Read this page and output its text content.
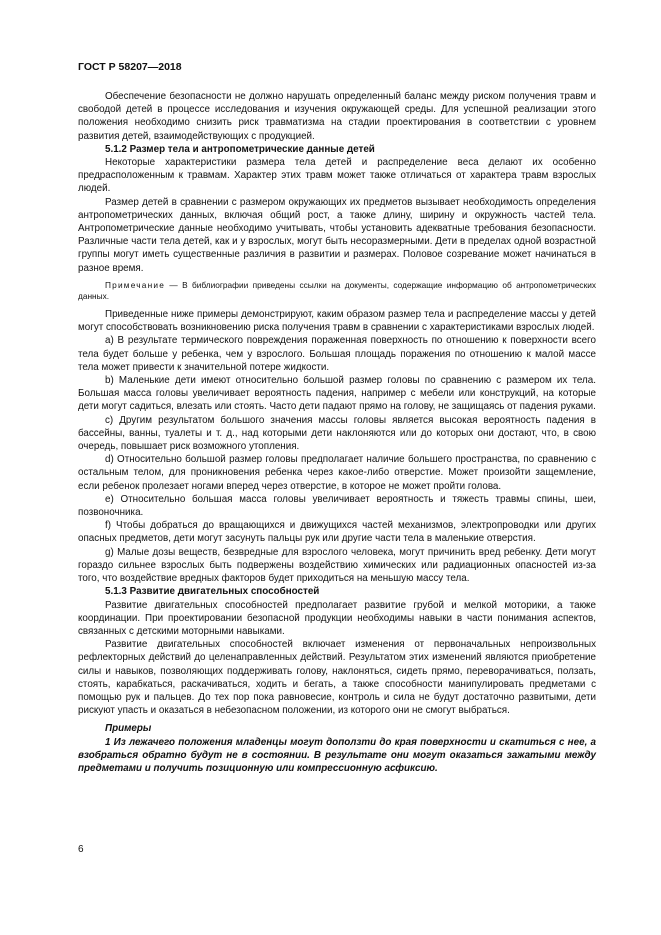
ГОСТ Р 58207—2018

Обеспечение безопасности не должно нарушать определенный баланс между риском получения травм и свободой детей в процессе исследования и изучения окружающей среды. Для успешной реализации этого положения необходимо снизить риск травматизма на стадии проектирования в соответствии с уровнем развития детей, взаимодействующих с продукцией.

5.1.2 Размер тела и антропометрические данные детей

Некоторые характеристики размера тела детей и распределение веса делают их особенно предрасположенным к травмам. Характер этих травм может также отличаться от характера травм взрослых людей.

Размер детей в сравнении с размером окружающих их предметов вызывает необходимость определения антропометрических данных, включая общий рост, а также длину, ширину и окружность частей тела. Антропометрические данные необходимо учитывать, чтобы установить адекватные требования безопасности. Различные части тела детей, как и у взрослых, могут быть несоразмерными. Дети в пределах одной возрастной группы могут иметь существенные различия в развитии и размерах. Половое созревание может начинаться в разное время.

Примечание — В библиографии приведены ссылки на документы, содержащие информацию об антропометрических данных.

Приведенные ниже примеры демонстрируют, каким образом размер тела и распределение массы у детей могут способствовать возникновению риска получения травм в сравнении с характеристиками взрослых людей.

a) В результате термического повреждения пораженная поверхность по отношению к поверхности всего тела будет больше у ребенка, чем у взрослого. Большая площадь поражения по отношению к малой массе тела может привести к значительной потере жидкости.

b) Маленькие дети имеют относительно большой размер головы по сравнению с размером их тела. Большая масса головы увеличивает вероятность падения, например с мебели или конструкций, на которые дети могут садиться, влезать или стоять. Часто дети падают прямо на голову, не защищаясь от падения руками.

c) Другим результатом большого значения массы головы является высокая вероятность падения в бассейны, ванны, туалеты и т. д., над которыми дети наклоняются или до которых они достают, что, в свою очередь, повышает риск возможного утопления.

d) Относительно большой размер головы предполагает наличие большего пространства, по сравнению с остальным телом, для проникновения ребенка через какое-либо отверстие. Может произойти защемление, если ребенок пролезает ногами вперед через отверстие, в которое не может пройти голова.

e) Относительно большая масса головы увеличивает вероятность и тяжесть травмы спины, шеи, позвоночника.

f) Чтобы добраться до вращающихся и движущихся частей механизмов, электропроводки или других опасных предметов, дети могут засунуть пальцы рук или другие части тела в маленькие отверстия.

g) Малые дозы веществ, безвредные для взрослого человека, могут причинить вред ребенку. Дети могут гораздо сильнее взрослых быть подвержены воздействию химических или радиационных опасностей из-за того, что воздействие вредных факторов будет приходиться на меньшую массу тела.

5.1.3 Развитие двигательных способностей

Развитие двигательных способностей предполагает развитие грубой и мелкой моторики, а также координации. При проектировании безопасной продукции необходимы навыки в части понимания аспектов, связанных с детскими моторными навыками.

Развитие двигательных способностей включает изменения от первоначальных непроизвольных рефлекторных действий до целенаправленных действий. Результатом этих изменений являются приобретение силы и навыков, позволяющих поддерживать голову, наклоняться, сидеть прямо, переворачиваться, ползать, стоять, карабкаться, раскачиваться, ходить и бегать, а также способности манипулировать предметами с помощью рук и пальцев. До тех пор пока равновесие, контроль и сила не будут достаточно развитыми, дети рискуют упасть и оказаться в небезопасном положении, из которого они не смогут выбраться.

Примеры

1 Из лежачего положения младенцы могут доползти до края поверхности и скатиться с нее, а взобраться обратно будут не в состоянии. В результате они могут оказаться зажатыми между предметами и получить позиционную или компрессионную асфиксию.

6
